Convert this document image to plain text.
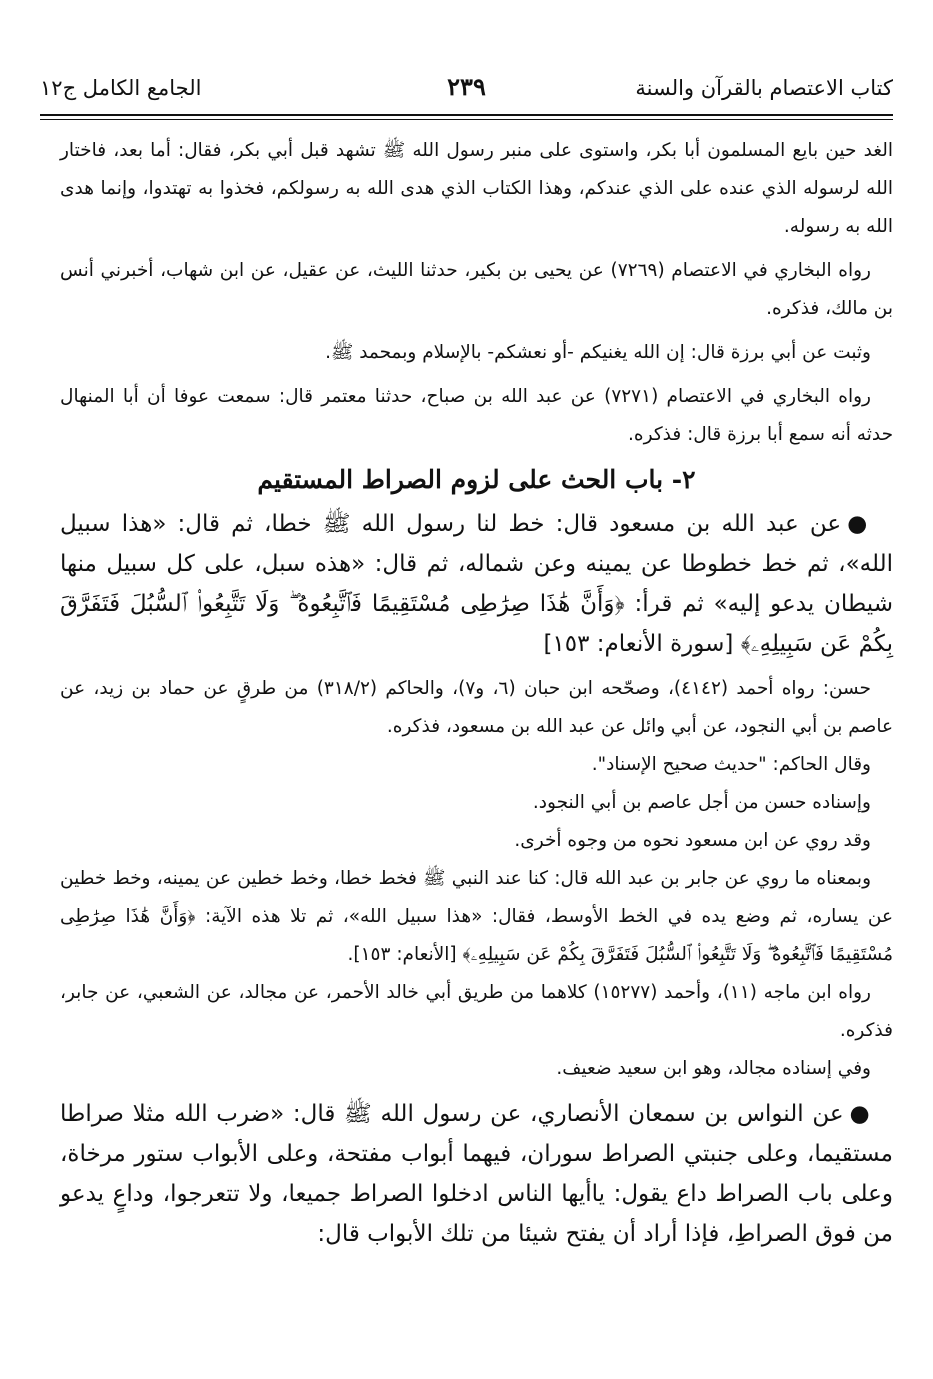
كتاب الاعتصام بالقرآن والسنة
٢٣٩
الجامع الكامل ج١٢

الغد حين بايع المسلمون أبا بكر، واستوى على منبر رسول الله ﷺ تشهد قبل أبي بكر، فقال: أما بعد، فاختار الله لرسوله الذي عنده على الذي عندكم، وهذا الكتاب الذي هدى الله به رسولكم، فخذوا به تهتدوا، وإنما هدى الله به رسوله.

رواه البخاري في الاعتصام (٧٢٦٩) عن يحيى بن بكير، حدثنا الليث، عن عقيل، عن ابن شهاب، أخبرني أنس بن مالك، فذكره.

وثبت عن أبي برزة قال: إن الله يغنيكم -أو نعشكم- بالإسلام وبمحمد ﷺ.

رواه البخاري في الاعتصام (٧٢٧١) عن عبد الله بن صباح، حدثنا معتمر قال: سمعت عوفا أن أبا المنهال حدثه أنه سمع أبا برزة قال: فذكره.

٢- باب الحث على لزوم الصراط المستقيم

●عن عبد الله بن مسعود قال: خط لنا رسول الله ﷺ خطا، ثم قال: «هذا سبيل الله»، ثم خط خطوطا عن يمينه وعن شماله، ثم قال: «هذه سبل، على كل سبيل منها شيطان يدعو إليه» ثم قرأ: ﴿وَأَنَّ هَٰذَا صِرَٰطِى مُسْتَقِيمًا فَٱتَّبِعُوهُ ۖ وَلَا تَتَّبِعُوا۟ ٱلسُّبُلَ فَتَفَرَّقَ بِكُمْ عَن سَبِيلِهِۦ﴾ [سورة الأنعام: ١٥٣]

حسن: رواه أحمد (٤١٤٢)، وصحّحه ابن حبان (٦، و٧)، والحاكم (٣١٨/٢) من طرقٍ عن حماد بن زيد، عن عاصم بن أبي النجود، عن أبي وائل عن عبد الله بن مسعود، فذكره.

وقال الحاكم: "حديث صحيح الإسناد".

وإسناده حسن من أجل عاصم بن أبي النجود.

وقد روي عن ابن مسعود نحوه من وجوه أخرى.

وبمعناه ما روي عن جابر بن عبد الله قال: كنا عند النبي ﷺ فخط خطا، وخط خطين عن يمينه، وخط خطين عن يساره، ثم وضع يده في الخط الأوسط، فقال: «هذا سبيل الله»، ثم تلا هذه الآية: ﴿وَأَنَّ هَٰذَا صِرَٰطِى مُسْتَقِيمًا فَٱتَّبِعُوهُ ۖ وَلَا تَتَّبِعُوا۟ ٱلسُّبُلَ فَتَفَرَّقَ بِكُمْ عَن سَبِيلِهِۦ﴾ [الأنعام: ١٥٣].

رواه ابن ماجه (١١)، وأحمد (١٥٢٧٧) كلاهما من طريق أبي خالد الأحمر، عن مجالد، عن الشعبي، عن جابر، فذكره.

وفي إسناده مجالد، وهو ابن سعيد ضعيف.

●عن النواس بن سمعان الأنصاري، عن رسول الله ﷺ قال: «ضرب الله مثلا صراطا مستقيما، وعلى جنبتي الصراط سوران، فيهما أبواب مفتحة، وعلى الأبواب ستور مرخاة، وعلى باب الصراط داع يقول: ياأيها الناس ادخلوا الصراط جميعا، ولا تتعرجوا، وداعٍ يدعو من فوق الصراطِ، فإذا أراد أن يفتح شيئا من تلك الأبواب قال:
